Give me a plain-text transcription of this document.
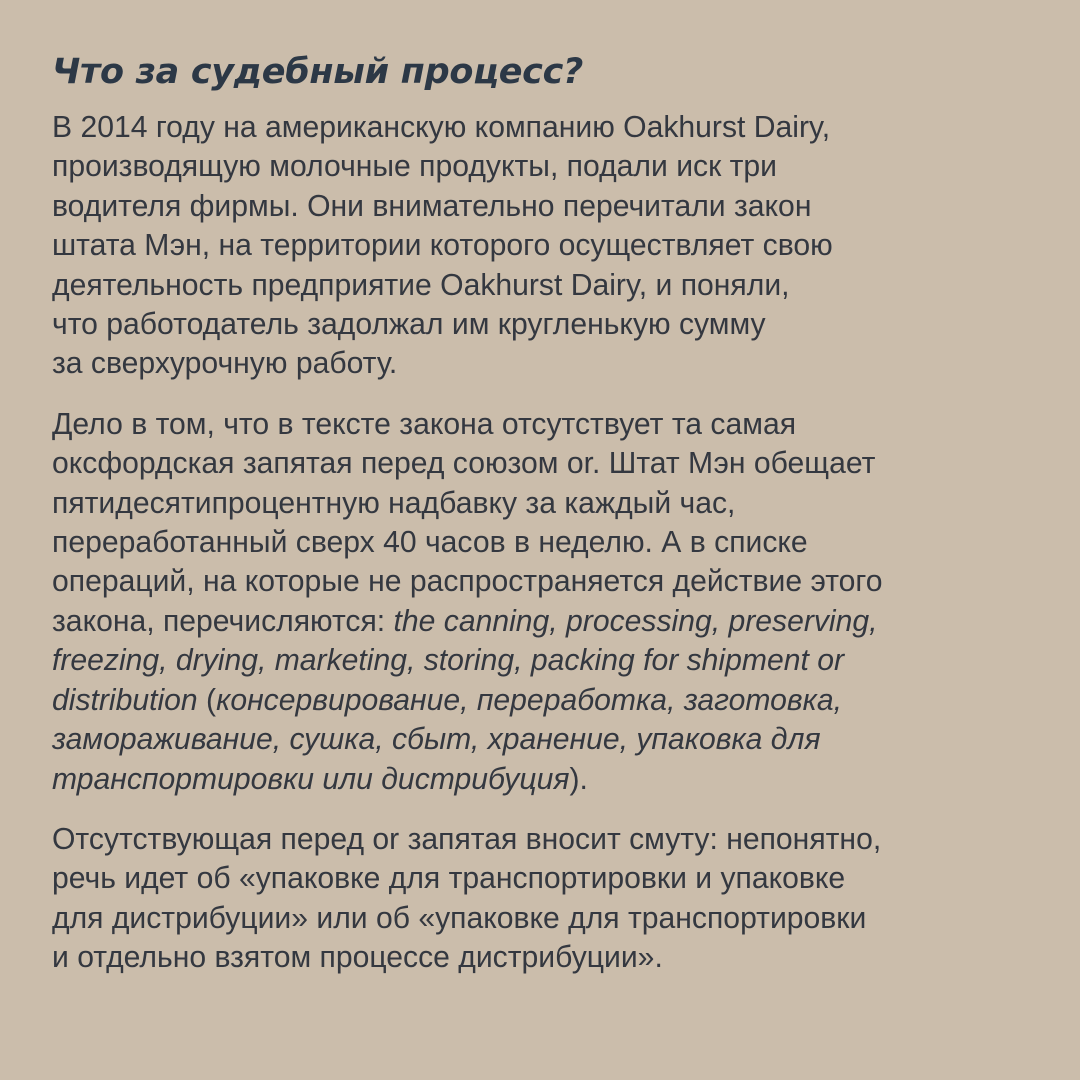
Что за судебный процесс?

В 2014 году на американскую компанию Oakhurst Dairy,
производящую молочные продукты, подали иск три
водителя фирмы. Они внимательно перечитали закон
штата Мэн, на территории которого осуществляет свою
деятельность предприятие Oakhurst Dairy, и поняли,
что работодатель задолжал им кругленькую сумму
за сверхурочную работу.

Дело в том, что в тексте закона отсутствует та самая
оксфордская запятая перед союзом or. Штат Мэн обещает
пятидесятипроцентную надбавку за каждый час,
переработанный сверх 40 часов в неделю. А в списке
операций, на которые не распространяется действие этого
закона, перечисляются: the canning, processing, preserving,
freezing, drying, marketing, storing, packing for shipment or
distribution (консервирование, переработка, заготовка,
замораживание, сушка, сбыт, хранение, упаковка для
транспортировки или дистрибуция).

Отсутствующая перед or запятая вносит смуту: непонятно,
речь идет об «упаковке для транспортировки и упаковке
для дистрибуции» или об «упаковке для транспортировки
и отдельно взятом процессе дистрибуции».
